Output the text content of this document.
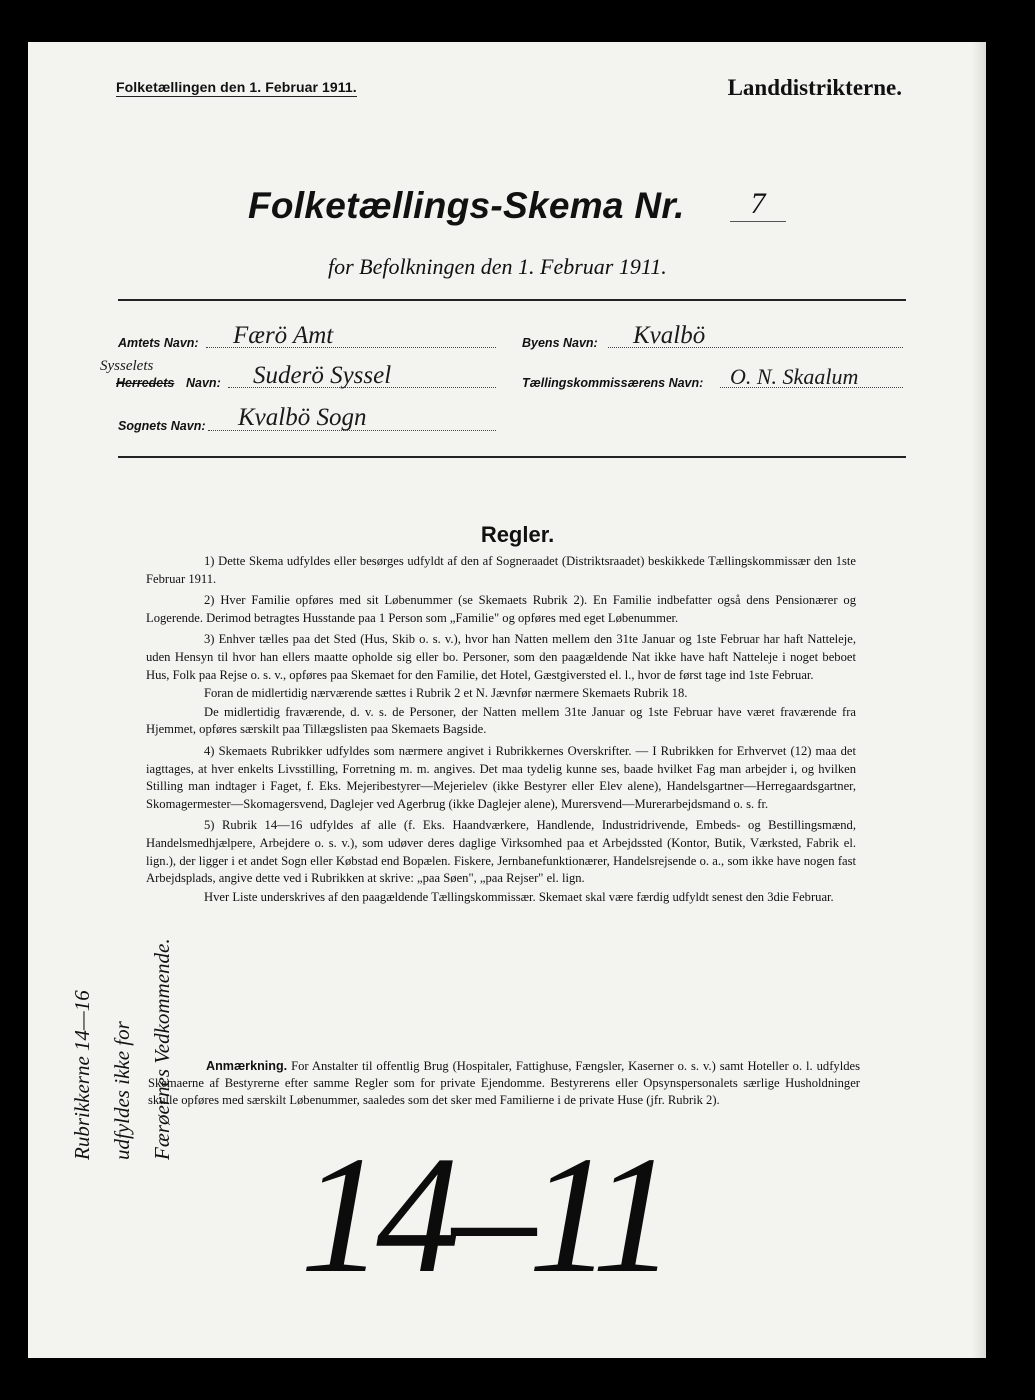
Folketællingen den 1. Februar 1911.	Landdistrikterne.
Folketællings-Skema Nr.	7
for Befolkningen den 1. Februar 1911.
Amtets Navn: Færö Amt
Sysselets
Herredets Navn: Suderö Syssel
Sognets Navn: Kvalbö Sogn
Byens Navn: Kvalbö
Tællingskommissærens Navn: O. N. Skaalum
Regler.

1) Dette Skema udfyldes eller besørges udfyldt af den af Sogneraadet (Distriktsraadet) beskikkede Tællingskommissær den 1ste Februar 1911.

2) Hver Familie opføres med sit Løbenummer (se Skemaets Rubrik 2). En Familie indbefatter også dens Pensionærer og Logerende. Derimod betragtes Husstande paa 1 Person som „Familie" og opføres med eget Løbenummer.

3) Enhver tælles paa det Sted (Hus, Skib o. s. v.), hvor han Natten mellem den 31te Januar og 1ste Februar har haft Natteleje, uden Hensyn til hvor han ellers maatte opholde sig eller bo. Personer, som den paagældende Nat ikke have haft Natteleje i noget beboet Hus, Folk paa Rejse o. s. v., opføres paa Skemaet for den Familie, det Hotel, Gæstgiversted el. l., hvor de først tage ind 1ste Februar.

Foran de midlertidig nærværende sættes i Rubrik 2 et N. Jævnfør nærmere Skemaets Rubrik 18.

De midlertidig fraværende, d. v. s. de Personer, der Natten mellem 31te Januar og 1ste Februar have været fraværende fra Hjemmet, opføres særskilt paa Tillægslisten paa Skemaets Bagside.

4) Skemaets Rubrikker udfyldes som nærmere angivet i Rubrikkernes Overskrifter. — I Rubrikken for Erhvervet (12) maa det iagttages, at hver enkelts Livsstilling, Forretning m. m. angives. Det maa tydelig kunne ses, baade hvilket Fag man arbejder i, og hvilken Stilling man indtager i Faget, f. Eks. Mejeribestyrer—Mejerielev (ikke Bestyrer eller Elev alene), Handelsgartner—Herregaardsgartner, Skomagermester—Skomagersvend, Daglejer ved Agerbrug (ikke Daglejer alene), Murersvend—Murerarbejdsmand o. s. fr.

5) Rubrik 14—16 udfyldes af alle (f. Eks. Haandværkere, Handlende, Industridrivende, Embeds- og Bestillingsmænd, Handelsmedhjælpere, Arbejdere o. s. v.), som udøver deres daglige Virksomhed paa et Arbejdssted (Kontor, Butik, Værksted, Fabrik el. lign.), der ligger i et andet Sogn eller Købstad end Bopælen. Fiskere, Jernbanefunktionærer, Handelsrejsende o. a., som ikke have nogen fast Arbejdsplads, angive dette ved i Rubrikken at skrive: „paa Søen", „paa Rejser" el. lign.

Hver Liste underskrives af den paagældende Tællingskommissær. Skemaet skal være færdig udfyldt senest den 3die Februar.

Anmærkning. For Anstalter til offentlig Brug (Hospitaler, Fattighuse, Fængsler, Kaserner o. s. v.) samt Hoteller o. l. udfyldes Skemaerne af Bestyrerne efter samme Regler som for private Ejendomme. Bestyrerens eller Opsynspersonalets særlige Husholdninger skulle opføres med særskilt Løbenummer, saaledes som det sker med Familierne i de private Huse (jfr. Rubrik 2).
Rubrikkerne 14—16 udfyldes ikke for Færøernes Vedkommende.
14–11
